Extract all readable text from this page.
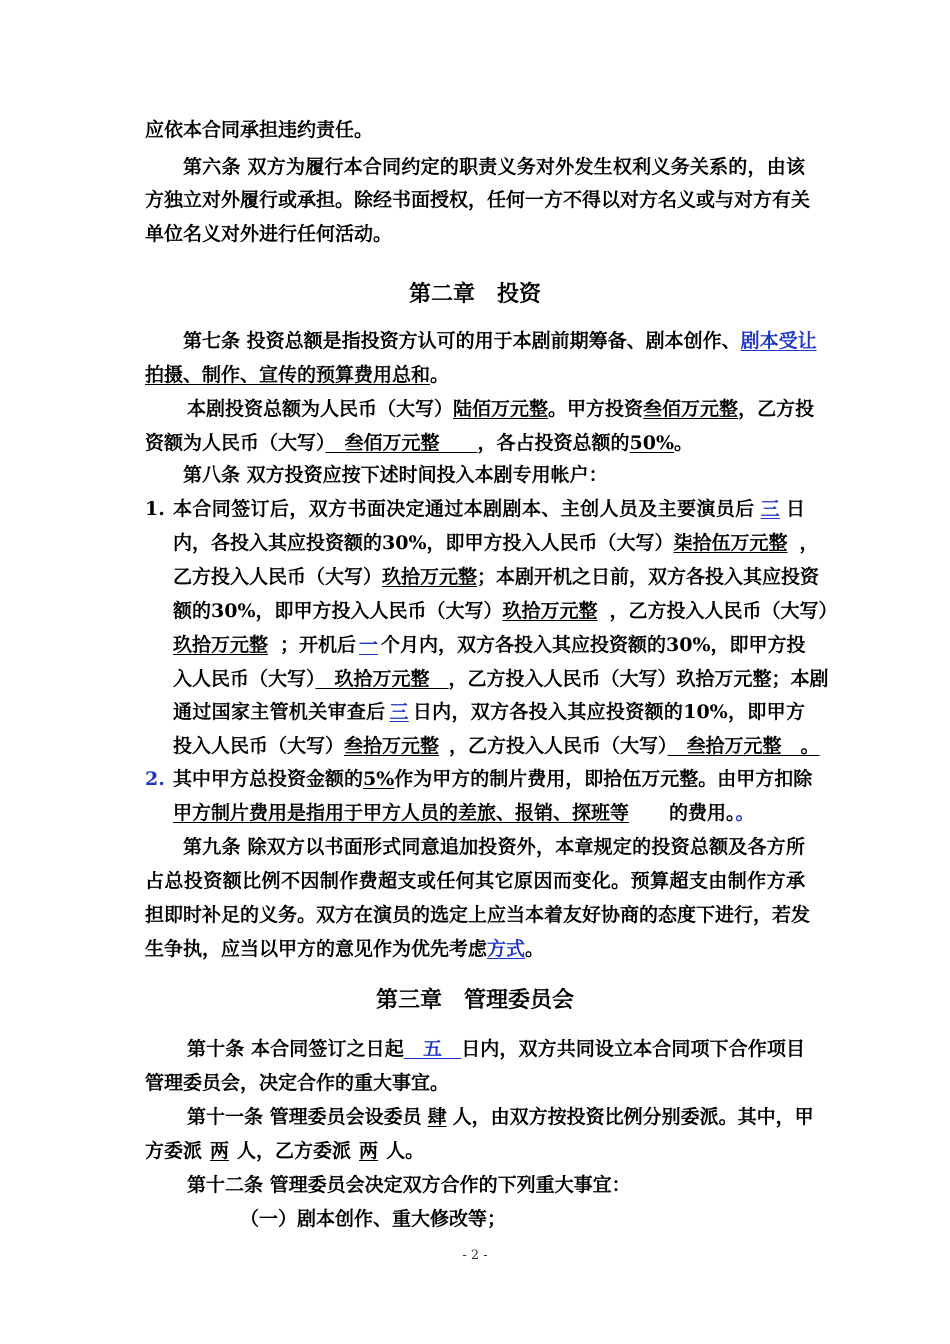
应依本合同承担违约责任。
第六条 双方为履行本合同约定的职责义务对外发生权利义务关系的，由该
方独立对外履行或承担。除经书面授权，任何一方不得以对方名义或与对方有关
单位名义对外进行任何活动。
第二章　投资
第七条 投资总额是指投资方认可的用于本剧前期筹备、剧本创作、剧本受让
拍摄、制作、宣传的预算费用总和。
本剧投资总额为人民币（大写）陆佰万元整。甲方投资叁佰万元整，乙方投
资额为人民币（大写）　叁佰万元整　　，各占投资总额的50%。
第八条 双方投资应按下述时间投入本剧专用帐户：
1. 本合同签订后，双方书面决定通过本剧剧本、主创人员及主要演员后 三 日
内，各投入其应投资额的30%，即甲方投入人民币（大写）柒拾伍万元整 ，
乙方投入人民币（大写）玖拾万元整；本剧开机之日前，双方各投入其应投资
额的30%，即甲方投入人民币（大写）玖拾万元整 ，乙方投入人民币（大写）
玖拾万元整 ；开机后 一 个月内，双方各投入其应投资额的30%，即甲方投
入人民币（大写）　玖拾万元整　，乙方投入人民币（大写）玖拾万元整；本剧
通过国家主管机关审查后 三 日内，双方各投入其应投资额的10%，即甲方
投入人民币（大写）叁拾万元整 ，乙方投入人民币（大写）　叁拾万元整　。
2. 其中甲方总投资金额的5%作为甲方的制片费用，即拾伍万元整。由甲方扣除
甲方制片费用是指用于甲方人员的差旅、报销、探班等 的费用。。
第九条 除双方以书面形式同意追加投资外，本章规定的投资总额及各方所
占总投资额比例不因制作费超支或任何其它原因而变化。预算超支由制作方承
担即时补足的义务。双方在演员的选定上应当本着友好协商的态度下进行，若发
生争执，应当以甲方的意见作为优先考虑方式。
第三章　管理委员会
第十条 本合同签订之日起　五　日内，双方共同设立本合同项下合作项目
管理委员会，决定合作的重大事宜。
第十一条 管理委员会设委员 肆 人，由双方按投资比例分别委派。其中，甲
方委派 两 人，乙方委派 两 人。
第十二条 管理委员会决定双方合作的下列重大事宜：
（一）剧本创作、重大修改等；
- 2 -
